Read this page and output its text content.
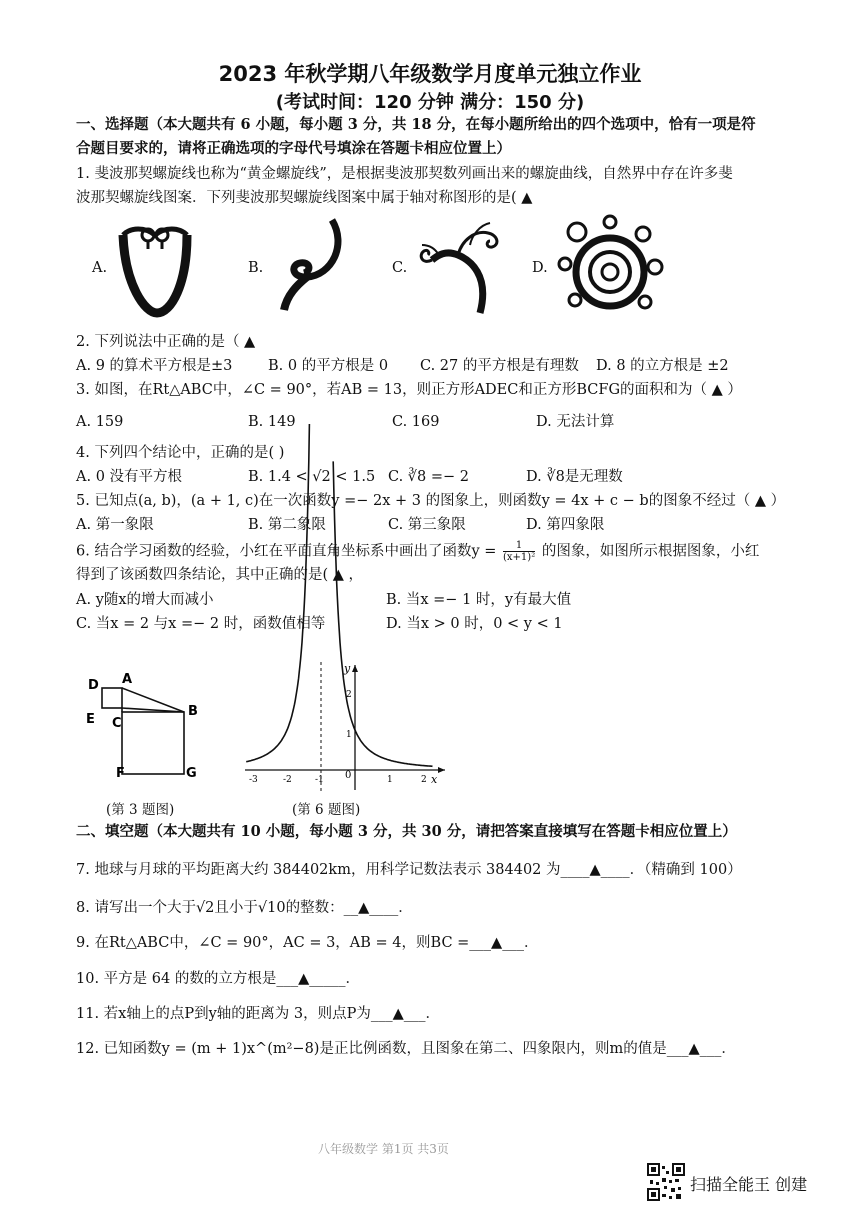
2023 年秋学期八年级数学月度单元独立作业
(考试时间：120 分钟 满分：150 分)
一、选择题（本大题共有 6 小题，每小题 3 分，共 18 分，在每小题所给出的四个选项中，恰有一项是符
合题目要求的，请将正确选项的字母代号填涂在答题卡相应位置上）
1. 斐波那契螺旋线也称为“黄金螺旋线”，是根据斐波那契数列画出来的螺旋曲线，自然界中存在许多斐
波那契螺旋线图案．下列斐波那契螺旋线图案中属于轴对称图形的是( ▲
A.	B.	C.	D.
2. 下列说法中正确的是（ ▲
A. 9 的算术平方根是±3 B. 0 的平方根是 0 C. 27 的平方根是有理数 D. 8 的立方根是 ±2
3. 如图，在Rt△ABC中，∠C = 90°，若AB = 13，则正方形ADEC和正方形BCFG的面积和为（ ▲ ）
A. 159	B. 149	C. 169	D. 无法计算
4. 下列四个结论中，正确的是( )
A. 0 没有平方根	B. 1.4 < √2 < 1.5 C. ∛8 =− 2	D. ∛8是无理数
5. 已知点(a, b)，(a + 1, c)在一次函数y =− 2x + 3 的图象上，则函数y = 4x + c − b的图象不经过（ ▲ ）
A. 第一象限	B. 第二象限	C. 第三象限	D. 第四象限
6. 结合学习函数的经验，小红在平面直角坐标系中画出了函数$y = \frac{1}{\text{(x+1)²}}$ 的图象，如图所示根据图象，小红
得到了该函数四条结论，其中正确的是( ▲ ，
A. y随x的增大而减小	B. 当x =− 1 时，y有最大值
C. 当x = 2 与x =− 2 时，函数值相等	D. 当x > 0 时，0 < y < 1
D A
E C
B
F	G
(第 3 题图)
x
y
-3	-2	-1 0	1	2
1
2
(第 6 题图)
二、填空题（本大题共有 10 小题，每小题 3 分，共 30 分，请把答案直接填写在答题卡相应位置上）
7. 地球与月球的平均距离大约 384402km，用科学记数法表示 384402 为____▲____．（精确到 100）
8. 请写出一个大于√2且小于√10的整数：__▲____．
9. 在Rt△ABC中，∠C = 90°，AC = 3，AB = 4，则BC =___▲___．
10. 平方是 64 的数的立方根是___▲_____．
11. 若x轴上的点P到y轴的距离为 3，则点P为___▲___．
12. 已知函数y = (m + 1)x^(m²−8)是正比例函数，且图象在第二、四象限内，则m的值是___▲___．
八年级数学 第1页 共3页
扫描全能王 创建
